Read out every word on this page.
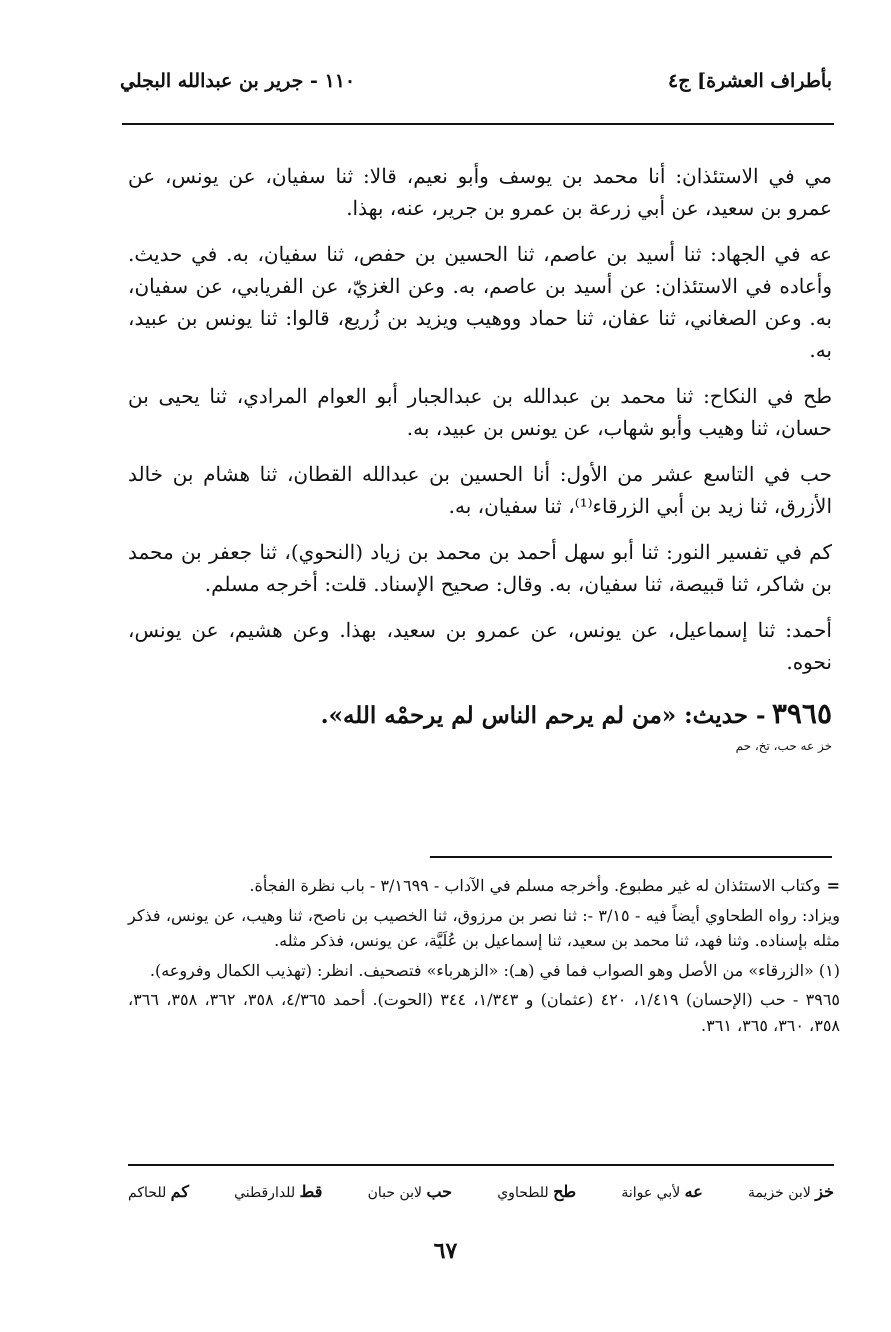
بأطراف العشرة] ج٤
١١٠ - جرير بن عبدالله البجلي

مي في الاستئذان: أنا محمد بن يوسف وأبو نعيم، قالا: ثنا سفيان، عن يونس، عن عمرو بن سعيد، عن أبي زرعة بن عمرو بن جرير، عنه، بهذا.

عه في الجهاد: ثنا أسيد بن عاصم، ثنا الحسين بن حفص، ثنا سفيان، به. في حديث. وأعاده في الاستئذان: عن أسيد بن عاصم، به. وعن الغزيّ، عن الفريابي، عن سفيان، به. وعن الصغاني، ثنا عفان، ثنا حماد ووهيب ويزيد بن زُريع، قالوا: ثنا يونس بن عبيد، به.

طح في النكاح: ثنا محمد بن عبدالله بن عبدالجبار أبو العوام المرادي، ثنا يحيى بن حسان، ثنا وهيب وأبو شهاب، عن يونس بن عبيد، به.

حب في التاسع عشر من الأول: أنا الحسين بن عبدالله القطان، ثنا هشام بن خالد الأزرق، ثنا زيد بن أبي الزرقاء⁽¹⁾، ثنا سفيان، به.

كم في تفسير النور: ثنا أبو سهل أحمد بن محمد بن زياد (النحوي)، ثنا جعفر بن محمد بن شاكر، ثنا قبيصة، ثنا سفيان، به. وقال: صحيح الإسناد. قلت: أخرجه مسلم.

أحمد: ثنا إسماعيل، عن يونس، عن عمرو بن سعيد، بهذا. وعن هشيم، عن يونس، نحوه.

٣٩٦٥ - حديث: «من لم يرحم الناس لم يرحمْه الله».
خز عه حب، تخ، حم

=وكتاب الاستئذان له غير مطبوع. وأخرجه مسلم في الآداب - ٣/١٦٩٩ - باب نظرة الفجأة.

ويزاد: رواه الطحاوي أيضاً فيه - ٣/١٥ -: ثنا نصر بن مرزوق، ثنا الخصيب بن ناصح، ثنا وهيب، عن يونس، فذكر مثله بإسناده. وثنا فهد، ثنا محمد بن سعيد، ثنا إسماعيل بن عُلَيَّة، عن يونس، فذكر مثله.

(١) «الزرقاء» من الأصل وهو الصواب فما في (هـ): «الزهرباء» فتصحيف. انظر: (تهذيب الكمال وفروعه).

٣٩٦٥ - حب (الإحسان) ١/٤١٩، ٤٢٠ (عثمان) و ١/٣٤٣، ٣٤٤ (الحوت). أحمد ٤/٣٦٥، ٣٥٨، ٣٦٢، ٣٥٨، ٣٦٦، ٣٥٨، ٣٦٠، ٣٦٥، ٣٦١.

خز لابن خزيمة
عه لأبي عوانة
طح للطحاوي
حب لابن حبان
قط للدارقطني
كم للحاكم
٦٧
